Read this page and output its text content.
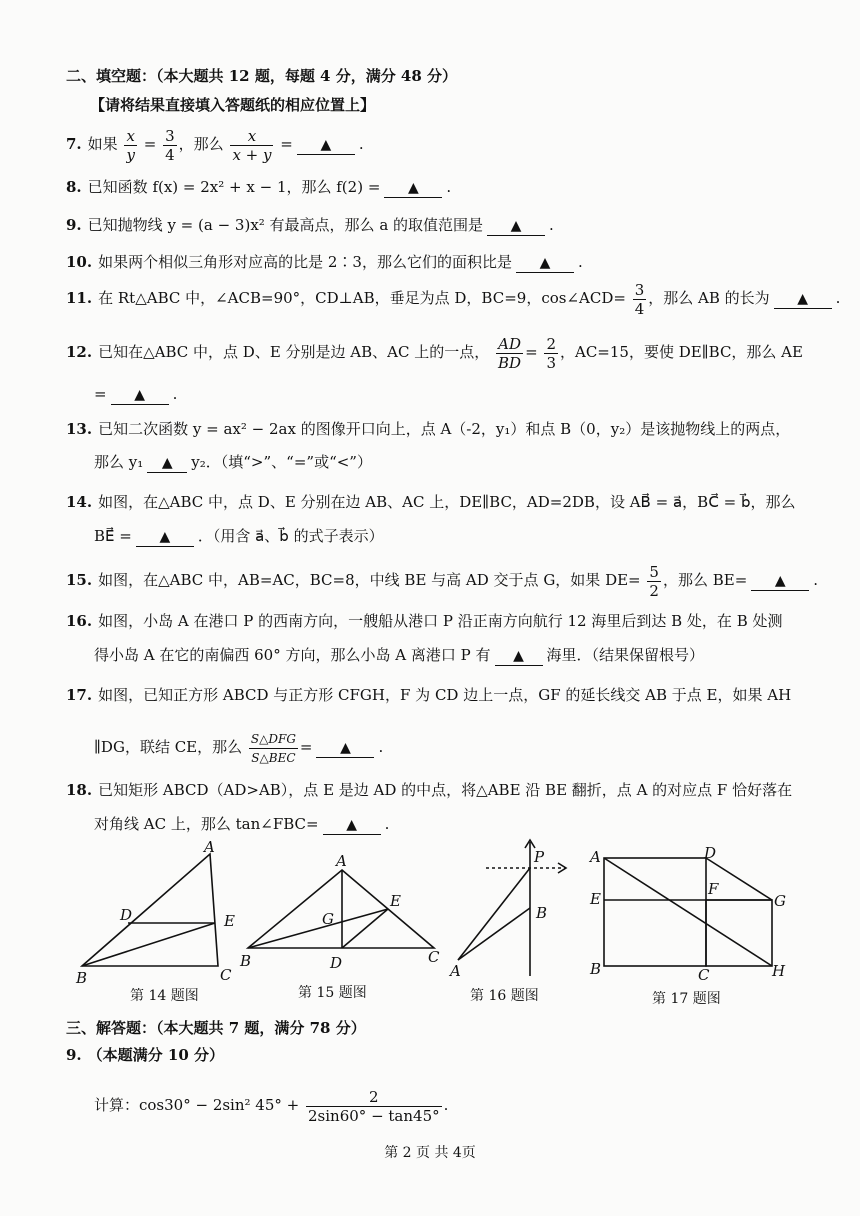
二、填空题：（本大题共 12 题，每题 4 分，满分 48 分）
【请将结果直接填入答题纸的相应位置上】
7. 如果 $\frac{x}{y} = \frac{3}{4}$ ，那么 $\frac{x}{x + y}$ = ▲ .
8. 已知函数 f(x) = 2x² + x − 1，那么 f(2) = ▲ .
9. 已知抛物线 y = (a − 3)x² 有最高点，那么 a 的取值范围是 ▲ .
10. 如果两个相似三角形对应高的比是 2∶3，那么它们的面积比是 ▲ .
11. 在 Rt△ABC 中，∠ACB=90°，CD⊥AB，垂足为点 D，BC=9，cos∠ACD= $\frac{3}{4}$ ，那么 AB 的长为 ▲ .
12. 已知在△ABC 中，点 D、E 分别是边 AB、AC 上的一点， $\frac{AD}{BD} = \frac{2}{3}$ ，AC=15，要使 DE∥BC，那么 AE
= ▲ .
13. 已知二次函数 y = ax² − 2ax 的图像开口向上，点 A（-2，y₁）和点 B（0，y₂）是该抛物线上的两点，
那么 y₁ ▲ y₂．（填“>”、“=”或“<”）
14. 如图，在△ABC 中，点 D、E 分别在边 AB、AC 上，DE∥BC，AD=2DB，设 AB⃗ = a⃗，BC⃗ = b⃗，那么
BE⃗ = ▲ ．（用含 a⃗、b⃗ 的式子表示）
15. 如图，在△ABC 中，AB=AC，BC=8，中线 BE 与高 AD 交于点 G，如果 $DE= \frac{5}{2}$ ，那么 BE= ▲ .
16. 如图，小岛 A 在港口 P 的西南方向，一艘船从港口 P 沿正南方向航行 12 海里后到达 B 处，在 B 处测
得小岛 A 在它的南偏西 60° 方向，那么小岛 A 离港口 P 有 ▲ 海里．（结果保留根号）
17. 如图，已知正方形 ABCD 与正方形 CFGH，F 为 CD 边上一点，GF 的延长线交 AB 于点 E，如果 AH
∥DG，联结 CE，那么 $\frac{\text{S△DFG}}{\text{S△BEC}}$ = ▲ .
18. 已知矩形 ABCD（AD>AB），点 E 是边 AD 的中点，将△ABE 沿 BE 翻折，点 A 的对应点 F 恰好落在
对角线 AC 上，那么 tan∠FBC= ▲ .
A
B	C
D	E
第 14 题图
A
B	C
D
E
G
第 15 题图
P
B
A
第 16 题图
A	D
E
F
G
B	C	H
第 17 题图
三、解答题：（本大题共 7 题，满分 78 分）
9. （本题满分 10 分）
计算：cos30° − 2sin² $45^\circ + \frac{2}{2\sin 60^\circ - \tan 45^\circ}$ .
第 2 页 共 4页
